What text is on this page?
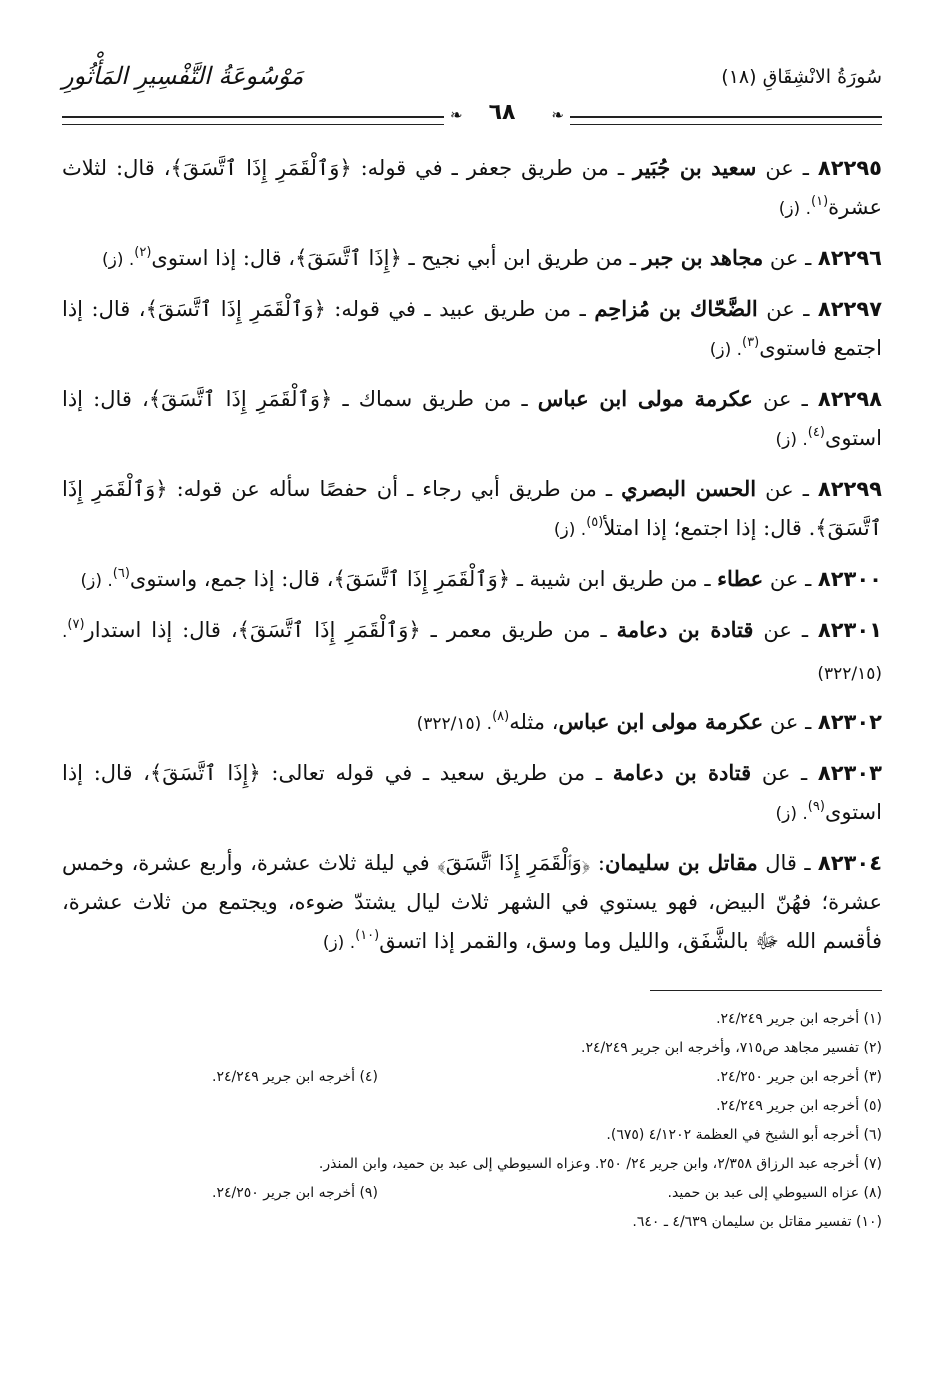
سُورَةُ الانْشِقَاقِ (١٨)
❧
٦٨
❧
مَوْسُوعَةُ التَّفْسِيرِ المَأْثُورِ

٨٢٢٩٥ ـ عن سعيد بن جُبَير ـ من طريق جعفر ـ في قوله: ﴿وَٱلْقَمَرِ إِذَا ٱتَّسَقَ﴾، قال: لثلاث عشرة$^{(١)}$. (ز)

٨٢٢٩٦ ـ عن مجاهد بن جبر ـ من طريق ابن أبي نجيح ـ ﴿إِذَا ٱتَّسَقَ﴾، قال: إذا استوى$^{(٢)}$. (ز)

٨٢٢٩٧ ـ عن الضَّحّاك بن مُزاحِم ـ من طريق عبيد ـ في قوله: ﴿وَٱلْقَمَرِ إِذَا ٱتَّسَقَ﴾، قال: إذا اجتمع فاستوى$^{(٣)}$. (ز)

٨٢٢٩٨ ـ عن عكرمة مولى ابن عباس ـ من طريق سماك ـ ﴿وَٱلْقَمَرِ إِذَا ٱتَّسَقَ﴾، قال: إذا استوى$^{(٤)}$. (ز)

٨٢٢٩٩ ـ عن الحسن البصري ـ من طريق أبي رجاء ـ أن حفصًا سأله عن قوله: ﴿وَٱلْقَمَرِ إِذَا ٱتَّسَقَ﴾. قال: إذا اجتمع؛ إذا امتلأ$^{(٥)}$. (ز)

٨٢٣٠٠ ـ عن عطاء ـ من طريق ابن شيبة ـ ﴿وَٱلْقَمَرِ إِذَا ٱتَّسَقَ﴾، قال: إذا جمع، واستوى$^{(٦)}$. (ز)

٨٢٣٠١ ـ عن قتادة بن دعامة ـ من طريق معمر ـ ﴿وَٱلْقَمَرِ إِذَا ٱتَّسَقَ﴾، قال: إذا استدار$^{(٧)}$. (٣٢٢/١٥)

٨٢٣٠٢ ـ عن عكرمة مولى ابن عباس، مثله$^{(٨)}$. (٣٢٢/١٥)

٨٢٣٠٣ ـ عن قتادة بن دعامة ـ من طريق سعيد ـ في قوله تعالى: ﴿إِذَا ٱتَّسَقَ﴾، قال: إذا استوى$^{(٩)}$. (ز)

٨٢٣٠٤ ـ قال مقاتل بن سليمان: ﴿وَٱلْقَمَرِ إِذَا ٱتَّسَقَ﴾ في ليلة ثلاث عشرة، وأربع عشرة، وخمس عشرة؛ فهُنّ البيض، فهو يستوي في الشهر ثلاث ليال يشتدّ ضوءه، ويجتمع من ثلاث عشرة، فأقسم الله ﷻ بالشَّفَق، والليل وما وسق، والقمر إذا اتسق$^{(١٠)}$. (ز)

(١) أخرجه ابن جرير ٢٤/٢٤٩.
(٢) تفسير مجاهد ص٧١٥، وأخرجه ابن جرير ٢٤/٢٤٩.
(٣) أخرجه ابن جرير ٢٤/٢٥٠.
(٤) أخرجه ابن جرير ٢٤/٢٤٩.
(٥) أخرجه ابن جرير ٢٤/٢٤٩.
(٦) أخرجه أبو الشيخ في العظمة ٤/١٢٠٢ (٦٧٥).
(٧) أخرجه عبد الرزاق ٢/٣٥٨، وابن جرير ٢٤/ ٢٥٠. وعزاه السيوطي إلى عبد بن حميد، وابن المنذر.
(٨) عزاه السيوطي إلى عبد بن حميد.
(٩) أخرجه ابن جرير ٢٤/٢٥٠.
(١٠) تفسير مقاتل بن سليمان ٤/٦٣٩ ـ ٦٤٠.
